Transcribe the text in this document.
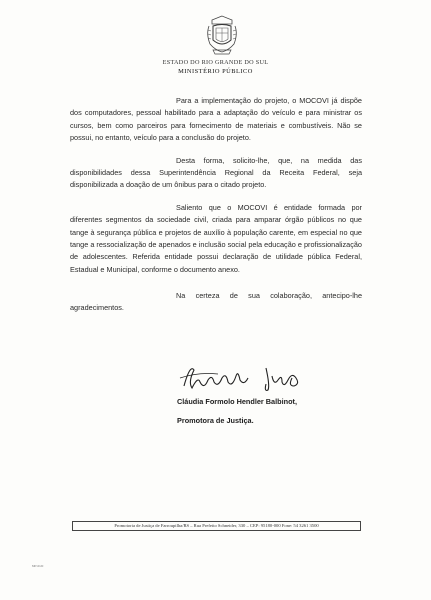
ESTADO DO RIO GRANDE DO SUL
MINISTÉRIO PÚBLICO

Para a implementação do projeto, o MOCOVI já dispõe dos computadores, pessoal habilitado para a adaptação do veículo e para ministrar os cursos, bem como parceiros para fornecimento de materiais e combustíveis. Não se possui, no entanto, veículo para a conclusão do projeto.

Desta forma, solicito-lhe, que, na medida das disponibilidades dessa Superintendência Regional da Receita Federal, seja disponibilizada a doação de um ônibus para o citado projeto.

Saliento que o MOCOVI é entidade formada por diferentes segmentos da sociedade civil, criada para amparar órgão públicos no que tange à segurança pública e projetos de auxílio à população carente, em especial no que tange a ressocialização de apenados e inclusão social pela educação e profissionalização de adolescentes. Referida entidade possui declaração de utilidade pública Federal, Estadual e Municipal, conforme o documento anexo.

Na certeza de sua colaboração, antecipo-lhe agradecimentos.

Cláudia Formolo Hendler Balbinot,
Promotora de Justiça.
Promotoria de Justiça de Farroupilha/RS – Rua Prefeito Schneider, 330 – CEP: 95180-000 Fone: 54 3261 3500
MP-01/0
